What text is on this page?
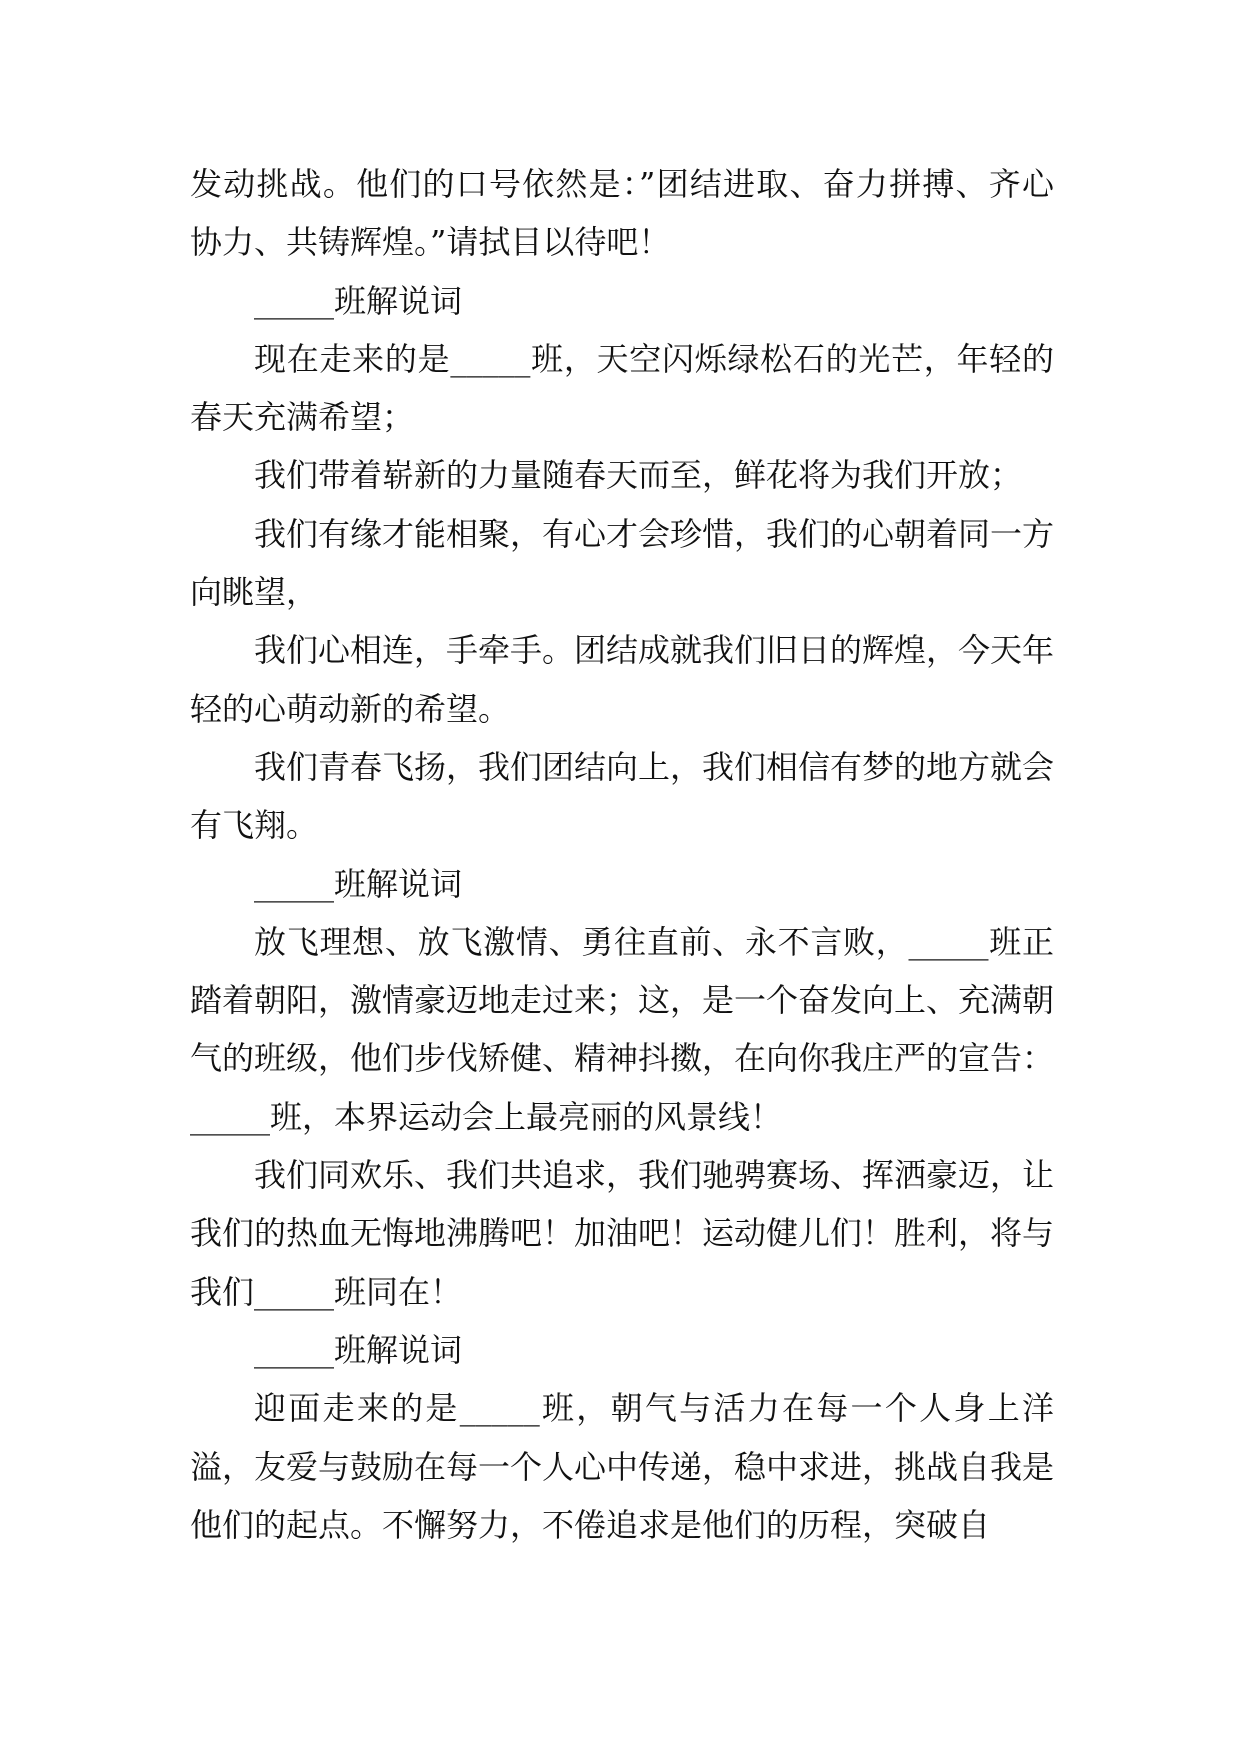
发动挑战。他们的口号依然是：”团结进取、奋力拼搏、齐心协力、共铸辉煌。”请拭目以待吧！

_____班解说词

现在走来的是_____班，天空闪烁绿松石的光芒，年轻的春天充满希望；

我们带着崭新的力量随春天而至，鲜花将为我们开放；

我们有缘才能相聚，有心才会珍惜，我们的心朝着同一方向眺望，

我们心相连，手牵手。团结成就我们旧日的辉煌，今天年轻的心萌动新的希望。

我们青春飞扬，我们团结向上，我们相信有梦的地方就会有飞翔。

_____班解说词

放飞理想、放飞激情、勇往直前、永不言败，_____班正踏着朝阳，激情豪迈地走过来；这，是一个奋发向上、充满朝气的班级，他们步伐矫健、精神抖擞，在向你我庄严的宣告：_____班，本界运动会上最亮丽的风景线！

我们同欢乐、我们共追求，我们驰骋赛场、挥洒豪迈，让我们的热血无悔地沸腾吧！加油吧！运动健儿们！胜利，将与我们_____班同在！

_____班解说词

迎面走来的是_____班，朝气与活力在每一个人身上洋溢，友爱与鼓励在每一个人心中传递，稳中求进，挑战自我是他们的起点。不懈努力，不倦追求是他们的历程，突破自
